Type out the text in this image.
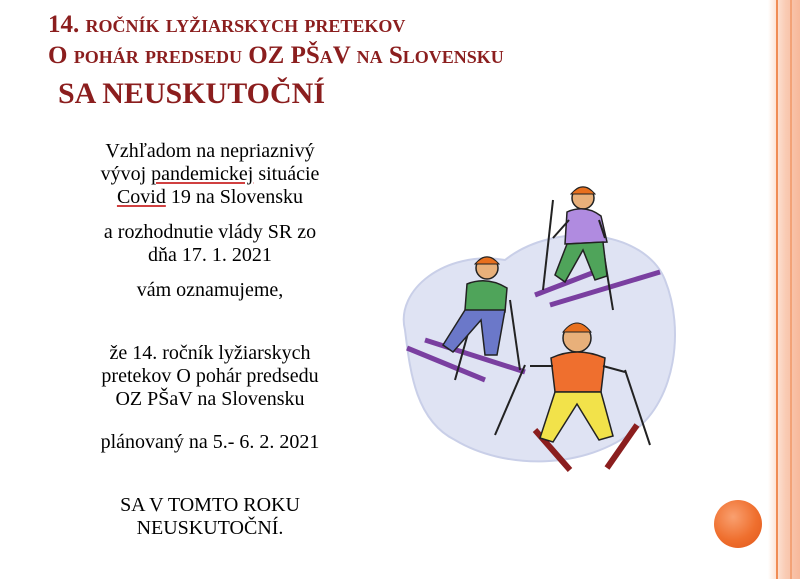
14. ročník lyžiarskych pretekov
O pohár predsedu OZ PŠaV na Slovensku
SA NEUSKUTOČNÍ

Vzhľadom na nepriaznivý

vývoj pandemickej situácie

Covid 19 na Slovensku

a rozhodnutie vlády SR zo

dňa 17. 1. 2021

vám oznamujeme,

že 14. ročník lyžiarskych

pretekov O pohár predsedu

OZ PŠaV na Slovensku

plánovaný na 5.- 6. 2. 2021

SA V TOMTO ROKU

NEUSKUTOČNÍ.
